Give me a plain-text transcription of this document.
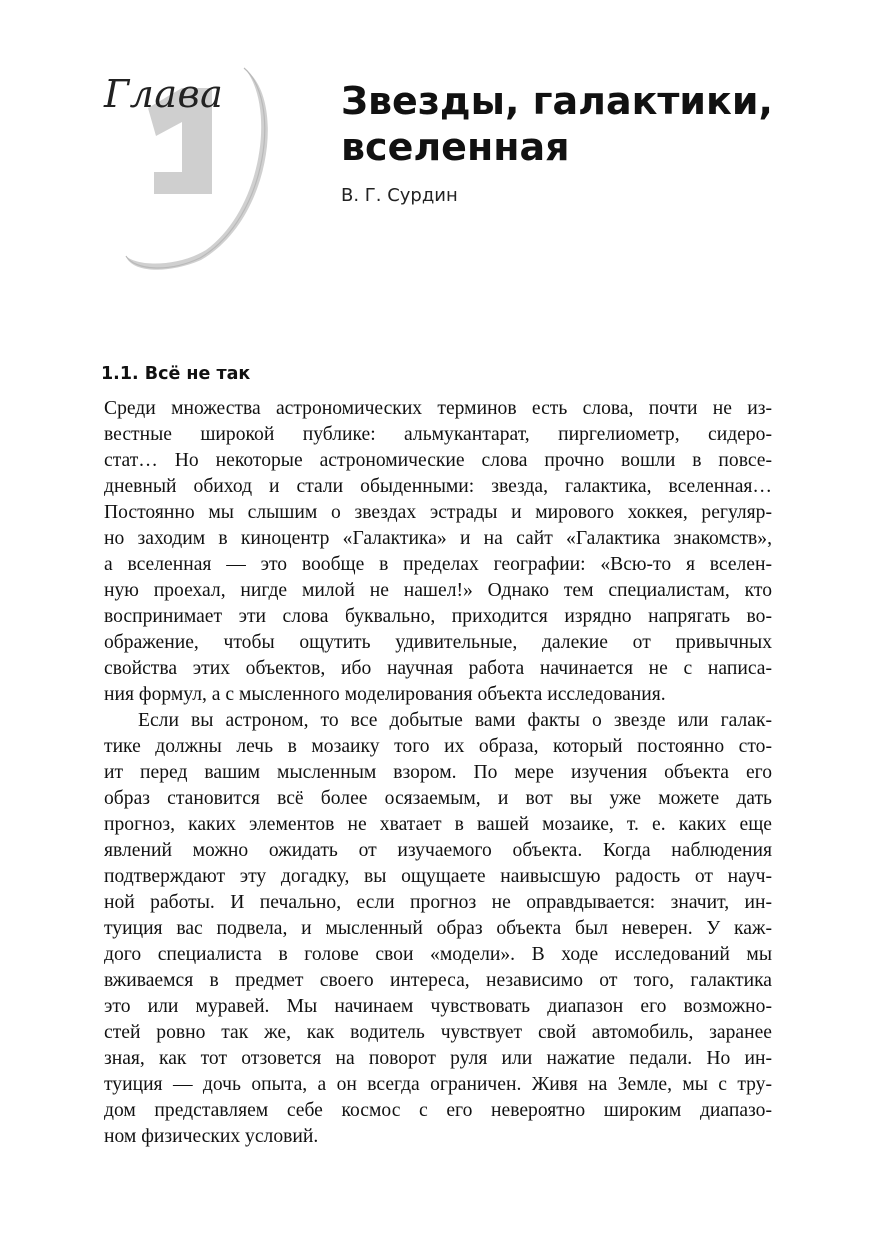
Глава	Звезды, галактики,
вселенная
В. Г. Сурдин
1.1. Всё не так
Среди множества астрономических терминов есть слова, почти не из-
вестные широкой публике: альмукантарат, пиргелиометр, сидеро-
стат… Но некоторые астрономические слова прочно вошли в повсе-
дневный обиход и стали обыденными: звезда, галактика, вселенная…
Постоянно мы слышим о звездах эстрады и мирового хоккея, регуляр-
но заходим в киноцентр «Галактика» и на сайт «Галактика знакомств»,
а вселенная — это вообще в пределах географии: «Всю-то я вселен-
ную проехал, нигде милой не нашел!» Однако тем специалистам, кто
воспринимает эти слова буквально, приходится изрядно напрягать во-
ображение, чтобы ощутить удивительные, далекие от привычных
свойства этих объектов, ибо научная работа начинается не с написа-
ния формул, а с мысленного моделирования объекта исследования.
Если вы астроном, то все добытые вами факты о звезде или галак-
тике должны лечь в мозаику того их образа, который постоянно сто-
ит перед вашим мысленным взором. По мере изучения объекта его
образ становится всё более осязаемым, и вот вы уже можете дать
прогноз, каких элементов не хватает в вашей мозаике, т. е. каких еще
явлений можно ожидать от изучаемого объекта. Когда наблюдения
подтверждают эту догадку, вы ощущаете наивысшую радость от науч-
ной работы. И печально, если прогноз не оправдывается: значит, ин-
туиция вас подвела, и мысленный образ объекта был неверен. У каж-
дого специалиста в голове свои «модели». В ходе исследований мы
вживаемся в предмет своего интереса, независимо от того, галактика
это или муравей. Мы начинаем чувствовать диапазон его возможно-
стей ровно так же, как водитель чувствует свой автомобиль, заранее
зная, как тот отзовется на поворот руля или нажатие педали. Но ин-
туиция — дочь опыта, а он всегда ограничен. Живя на Земле, мы с тру-
дом представляем себе космос с его невероятно широким диапазо-
ном физических условий.
